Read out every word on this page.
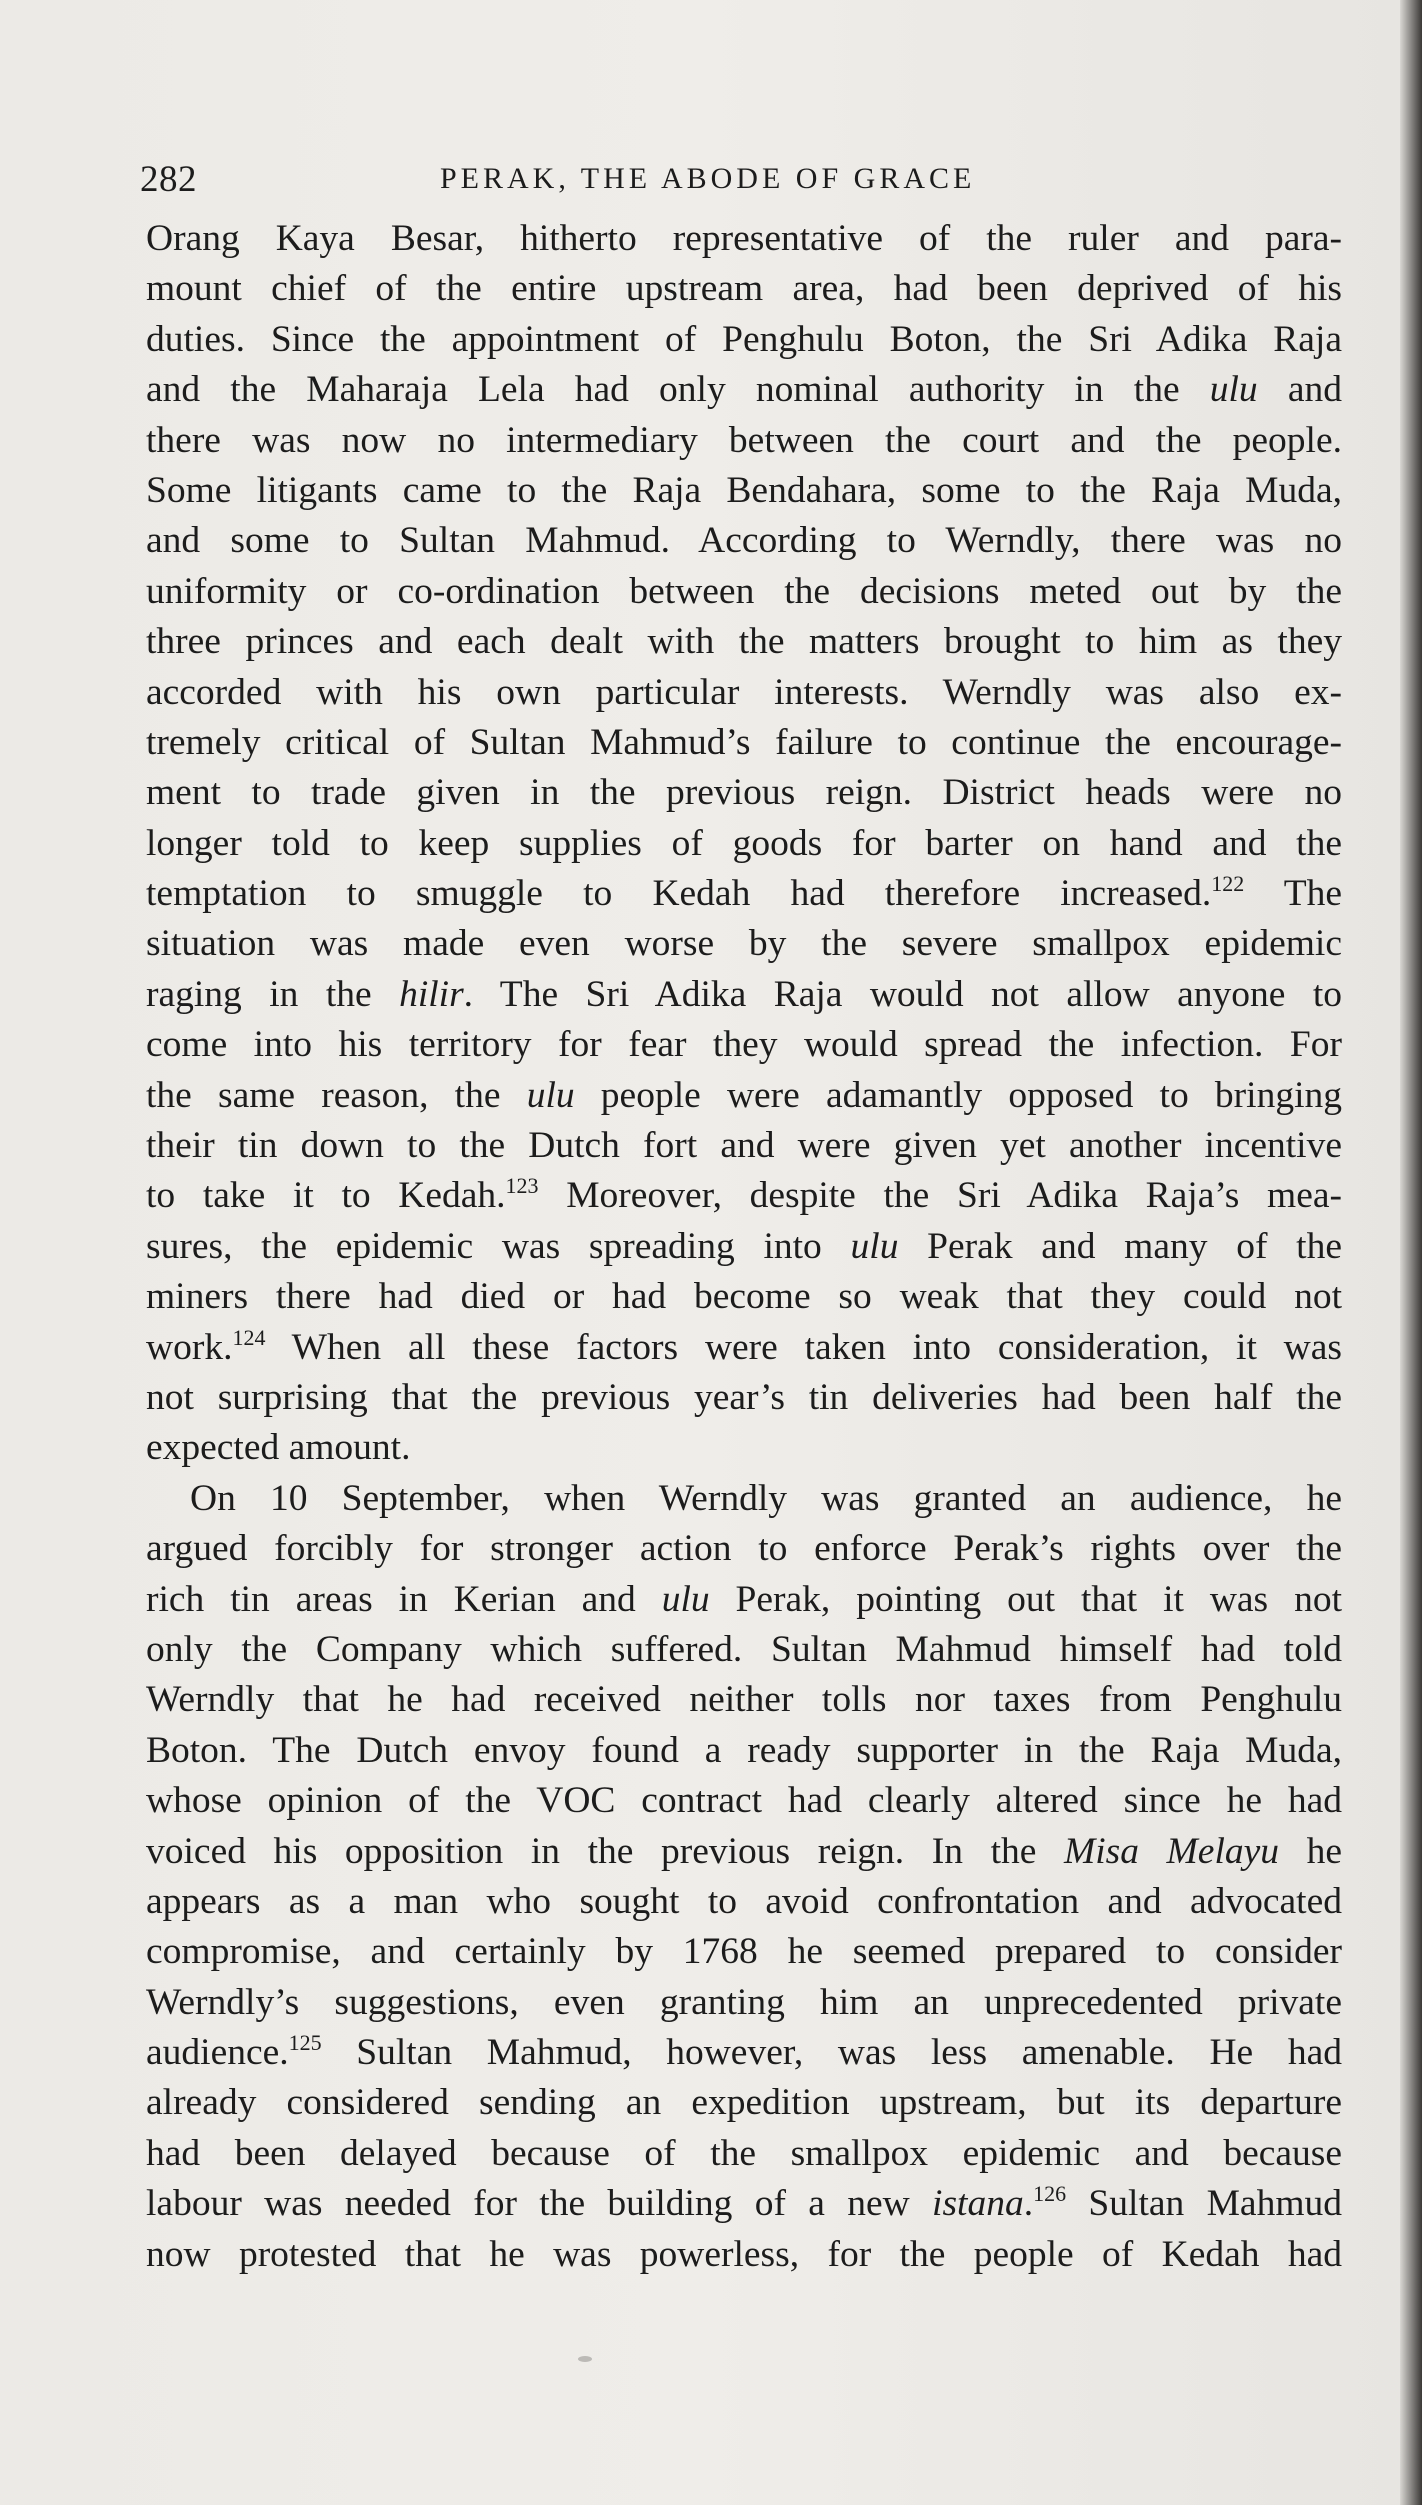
282	PERAK, THE ABODE OF GRACE
Orang Kaya Besar, hitherto representative of the ruler and para-
mount chief of the entire upstream area, had been deprived of his
duties. Since the appointment of Penghulu Boton, the Sri Adika Raja
and the Maharaja Lela had only nominal authority in the ulu and
there was now no intermediary between the court and the people.
Some litigants came to the Raja Bendahara, some to the Raja Muda,
and some to Sultan Mahmud. According to Werndly, there was no
uniformity or co-ordination between the decisions meted out by the
three princes and each dealt with the matters brought to him as they
accorded with his own particular interests. Werndly was also ex-
tremely critical of Sultan Mahmud’s failure to continue the encourage-
ment to trade given in the previous reign. District heads were no
longer told to keep supplies of goods for barter on hand and the
temptation to smuggle to Kedah had therefore increased.$^{122}$ The
situation was made even worse by the severe smallpox epidemic
raging in the hilir. The Sri Adika Raja would not allow anyone to
come into his territory for fear they would spread the infection. For
the same reason, the ulu people were adamantly opposed to bringing
their tin down to the Dutch fort and were given yet another incentive
to take it to Kedah.$^{123}$ Moreover, despite the Sri Adika Raja’s mea-
sures, the epidemic was spreading into ulu Perak and many of the
miners there had died or had become so weak that they could not
work.$^{124}$ When all these factors were taken into consideration, it was
not surprising that the previous year’s tin deliveries had been half the
expected amount.
On 10 September, when Werndly was granted an audience, he
argued forcibly for stronger action to enforce Perak’s rights over the
rich tin areas in Kerian and ulu Perak, pointing out that it was not
only the Company which suffered. Sultan Mahmud himself had told
Werndly that he had received neither tolls nor taxes from Penghulu
Boton. The Dutch envoy found a ready supporter in the Raja Muda,
whose opinion of the VOC contract had clearly altered since he had
voiced his opposition in the previous reign. In the Misa Melayu he
appears as a man who sought to avoid confrontation and advocated
compromise, and certainly by 1768 he seemed prepared to consider
Werndly’s suggestions, even granting him an unprecedented private
audience.$^{125}$ Sultan Mahmud, however, was less amenable. He had
already considered sending an expedition upstream, but its departure
had been delayed because of the smallpox epidemic and because
labour was needed for the building of a new istana.$^{126}$ Sultan Mahmud
now protested that he was powerless, for the people of Kedah had
